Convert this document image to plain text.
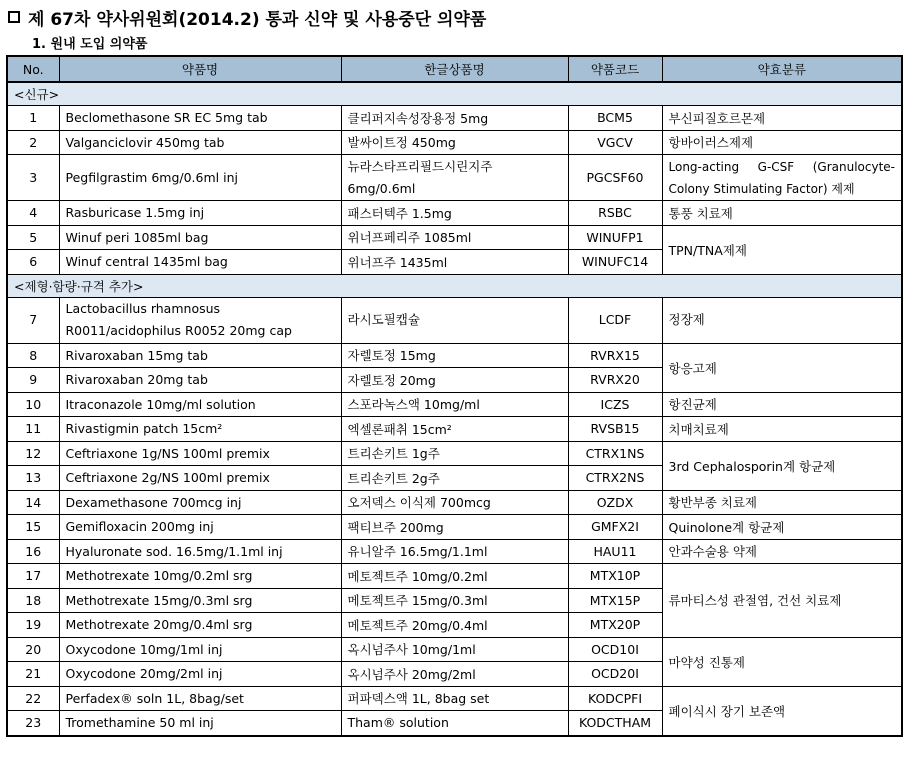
제 67차 약사위원회(2014.2) 통과 신약 및 사용중단 의약품
1. 원내 도입 의약품
No.	약품명	한글상품명	약품코드	약효분류
<신규>				
1	Beclomethasone SR EC 5mg tab	클리퍼지속성장용정 5mg	BCM5	부신피질호르몬제
2	Valganciclovir 450mg tab	발싸이트정 450mg	VGCV	항바이러스제제
3	Pegfilgrastim 6mg/0.6ml inj	뉴라스타프리필드시린지주 6mg/0.6ml	PGCSF60	Long-acting G-CSF (Granulocyte-Colony Stimulating Factor) 제제
4	Rasburicase 1.5mg inj	패스터텍주 1.5mg	RSBC	통풍 치료제
5	Winuf peri 1085ml bag	위너프페리주 1085ml	WINUFP1	TPN/TNA제제
6	Winuf central 1435ml bag	위너프주 1435ml	WINUFC14	
<제형·함량·규격 추가>				
7	Lactobacillus rhamnosus R0011/acidophilus R0052 20mg cap	라시도필캡슐	LCDF	정장제
8	Rivaroxaban 15mg tab	자렐토정 15mg	RVRX15	항응고제
9	Rivaroxaban 20mg tab	자렐토정 20mg	RVRX20	
10	Itraconazole 10mg/ml solution	스포라녹스액 10mg/ml	ICZS	항진균제
11	Rivastigmin patch 15cm²	엑셀론패취 15cm²	RVSB15	치매치료제
12	Ceftriaxone 1g/NS 100ml premix	트리손키트 1g주	CTRX1NS	3rd Cephalosporin계 항균제
13	Ceftriaxone 2g/NS 100ml premix	트리손키트 2g주	CTRX2NS	
14	Dexamethasone 700mcg inj	오저덱스 이식제 700mcg	OZDX	황반부종 치료제
15	Gemifloxacin 200mg inj	팩티브주 200mg	GMFX2I	Quinolone계 항균제
16	Hyaluronate sod. 16.5mg/1.1ml inj	유니알주 16.5mg/1.1ml	HAU11	안과수술용 약제
17	Methotrexate 10mg/0.2ml srg	메토젝트주 10mg/0.2ml	MTX10P	류마티스성 관절염, 건선 치료제
18	Methotrexate 15mg/0.3ml srg	메토젝트주 15mg/0.3ml	MTX15P	
19	Methotrexate 20mg/0.4ml srg	메토젝트주 20mg/0.4ml	MTX20P	
20	Oxycodone 10mg/1ml inj	옥시넘주사 10mg/1ml	OCD10I	마약성 진통제
21	Oxycodone 20mg/2ml inj	옥시넘주사 20mg/2ml	OCD20I	
22	Perfadex® soln 1L, 8bag/set	퍼파덱스액 1L, 8bag set	KODCPFI	폐이식시 장기 보존액
23	Tromethamine 50 ml inj	Tham® solution	KODCTHAM	
